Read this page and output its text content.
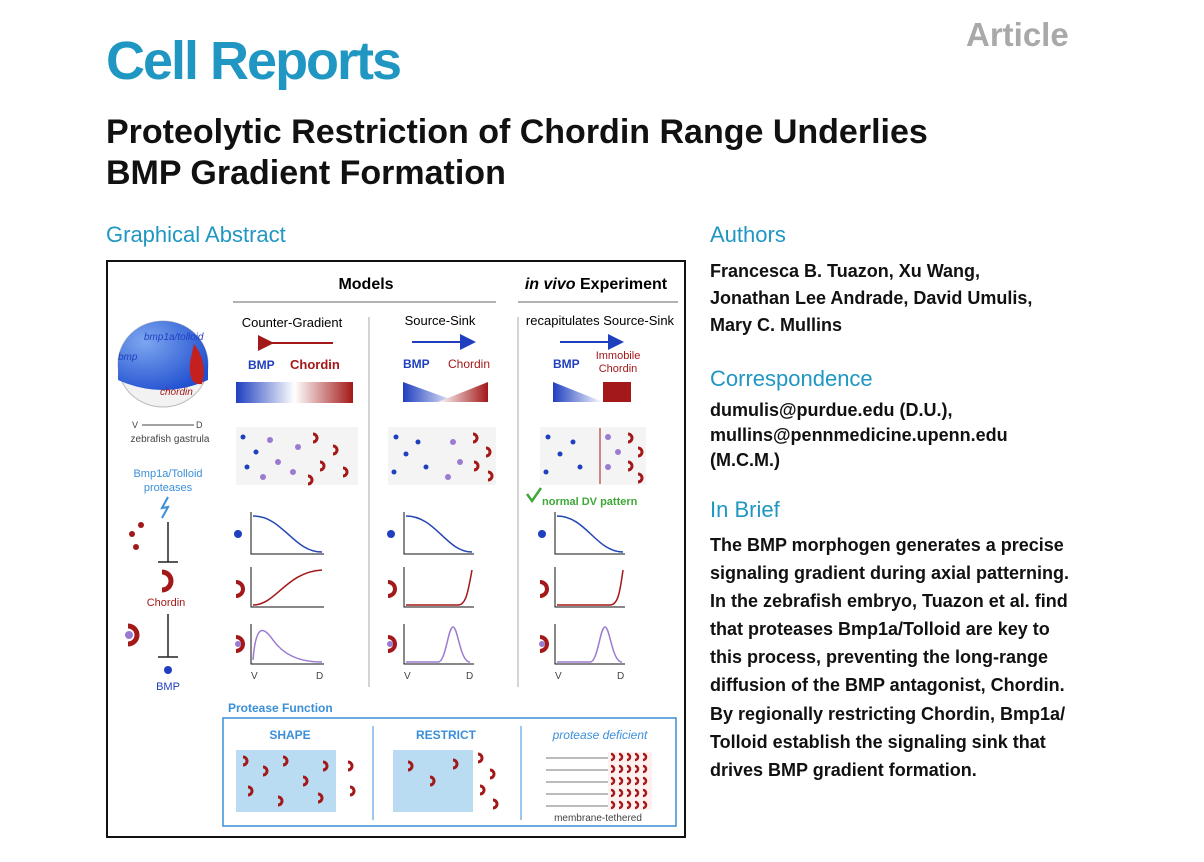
Cell Reports	Article
Proteolytic Restriction of Chordin Range Underlies
BMP Gradient Formation
Graphical Abstract
Models	in vivo Experiment
Counter-Gradient	Source-Sink	recapitulates Source-Sink
bmp1a/tolloid
bmp
chordin
V	D
zebrafish gastrula
Bmp1a/Tolloid
proteases
Chordin
BMP
BMP Chordin
V	D
BMP Chordin
V	D
BMP
Immobile
Chordin
normal DV pattern
V	D
Protease Function
SHAPE	RESTRICT	protease deficient
membrane-tethered
Authors
Francesca B. Tuazon, Xu Wang,
Jonathan Lee Andrade, David Umulis,
Mary C. Mullins
Correspondence
dumulis@purdue.edu (D.U.),
mullins@pennmedicine.upenn.edu
(M.C.M.)
In Brief
The BMP morphogen generates a precise
signaling gradient during axial patterning.
In the zebrafish embryo, Tuazon et al. find
that proteases Bmp1a/Tolloid are key to
this process, preventing the long-range
diffusion of the BMP antagonist, Chordin.
By regionally restricting Chordin, Bmp1a/
Tolloid establish the signaling sink that
drives BMP gradient formation.
